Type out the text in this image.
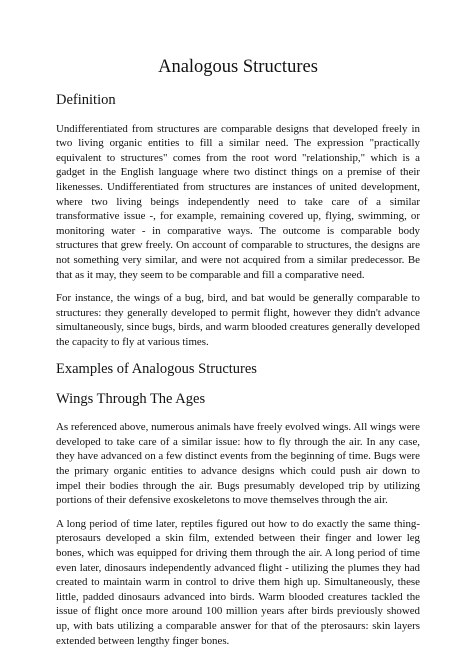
Analogous Structures
Definition

Undifferentiated from structures are comparable designs that developed freely in two living organic entities to fill a similar need. The expression "practically equivalent to structures" comes from the root word "relationship," which is a gadget in the English language where two distinct things on a premise of their likenesses. Undifferentiated from structures are instances of united development, where two living beings independently need to take care of a similar transformative issue -, for example, remaining covered up, flying, swimming, or monitoring water - in comparative ways. The outcome is comparable body structures that grew freely. On account of comparable to structures, the designs are not something very similar, and were not acquired from a similar predecessor. Be that as it may, they seem to be comparable and fill a comparative need.

For instance, the wings of a bug, bird, and bat would be generally comparable to structures: they generally developed to permit flight, however they didn't advance simultaneously, since bugs, birds, and warm blooded creatures generally developed the capacity to fly at various times.

Examples of Analogous Structures
Wings Through The Ages

As referenced above, numerous animals have freely evolved wings. All wings were developed to take care of a similar issue: how to fly through the air. In any case, they have advanced on a few distinct events from the beginning of time. Bugs were the primary organic entities to advance designs which could push air down to impel their bodies through the air. Bugs presumably developed trip by utilizing portions of their defensive exoskeletons to move themselves through the air.

A long period of time later, reptiles figured out how to do exactly the same thing-pterosaurs developed a skin film, extended between their finger and lower leg bones, which was equipped for driving them through the air. A long period of time even later, dinosaurs independently advanced flight - utilizing the plumes they had created to maintain warm in control to drive them high up. Simultaneously, these little, padded dinosaurs advanced into birds. Warm blooded creatures tackled the issue of flight once more around 100 million years after birds previously showed up, with bats utilizing a comparable answer for that of the pterosaurs: skin layers extended between lengthy finger bones.
